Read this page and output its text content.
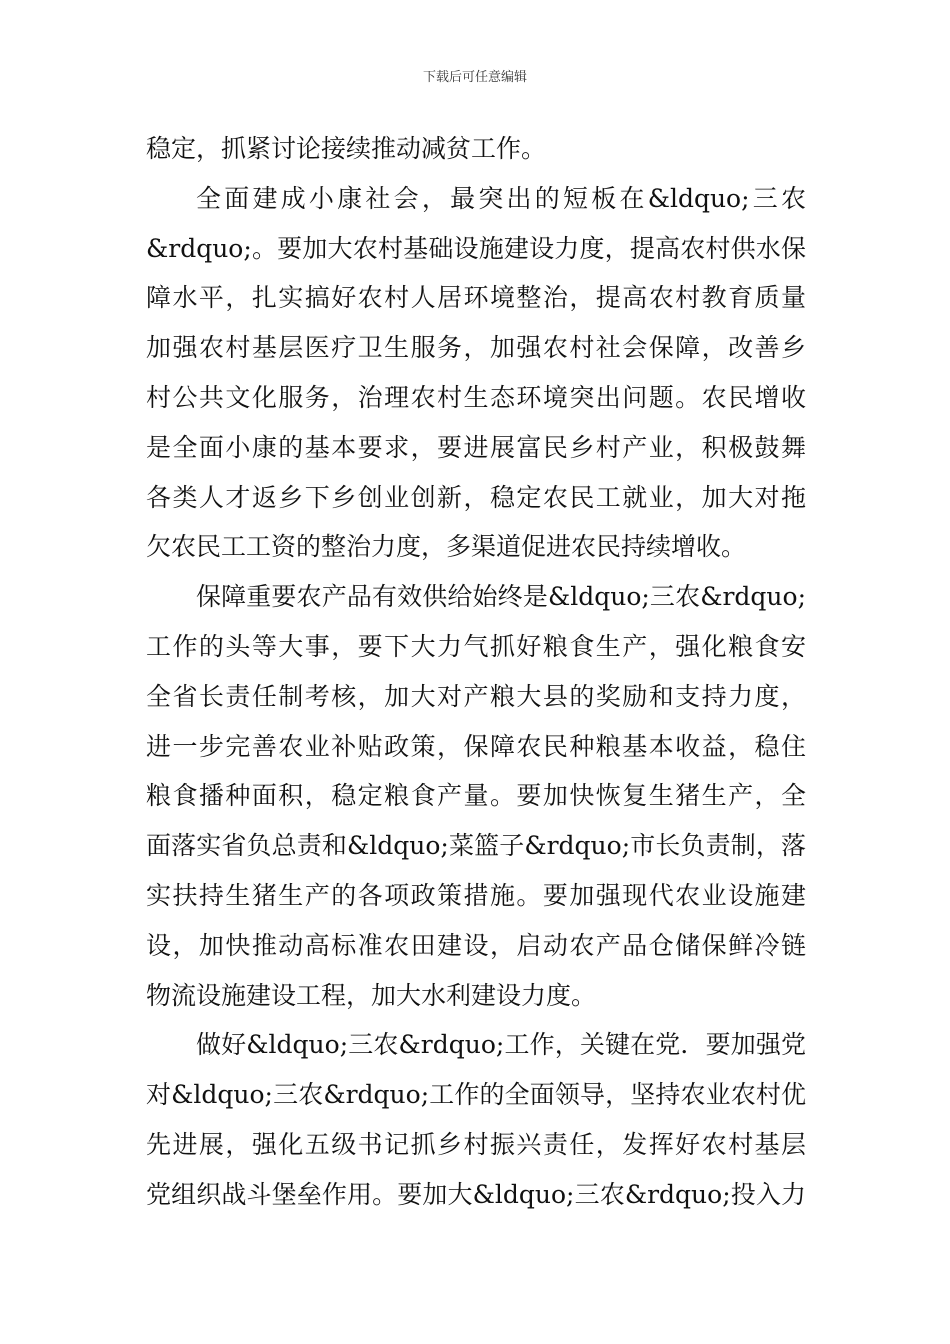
下载后可任意编辑
稳定，抓紧讨论接续推动减贫工作。
全面建成小康社会，最突出的短板在&ldquo;三农
&rdquo;。要加大农村基础设施建设力度，提高农村供水保
障水平，扎实搞好农村人居环境整治，提高农村教育质量
加强农村基层医疗卫生服务，加强农村社会保障，改善乡
村公共文化服务，治理农村生态环境突出问题。农民增收
是全面小康的基本要求，要进展富民乡村产业，积极鼓舞
各类人才返乡下乡创业创新，稳定农民工就业，加大对拖
欠农民工工资的整治力度，多渠道促进农民持续增收。
保障重要农产品有效供给始终是&ldquo;三农&rdquo;
工作的头等大事，要下大力气抓好粮食生产，强化粮食安
全省长责任制考核，加大对产粮大县的奖励和支持力度，
进一步完善农业补贴政策，保障农民种粮基本收益，稳住
粮食播种面积，稳定粮食产量。要加快恢复生猪生产，全
面落实省负总责和&ldquo;菜篮子&rdquo;市长负责制，落
实扶持生猪生产的各项政策措施。要加强现代农业设施建
设，加快推动高标准农田建设，启动农产品仓储保鲜冷链
物流设施建设工程，加大水利建设力度。
做好&ldquo;三农&rdquo;工作，关键在党．要加强党
对&ldquo;三农&rdquo;工作的全面领导，坚持农业农村优
先进展，强化五级书记抓乡村振兴责任，发挥好农村基层
党组织战斗堡垒作用。要加大&ldquo;三农&rdquo;投入力
